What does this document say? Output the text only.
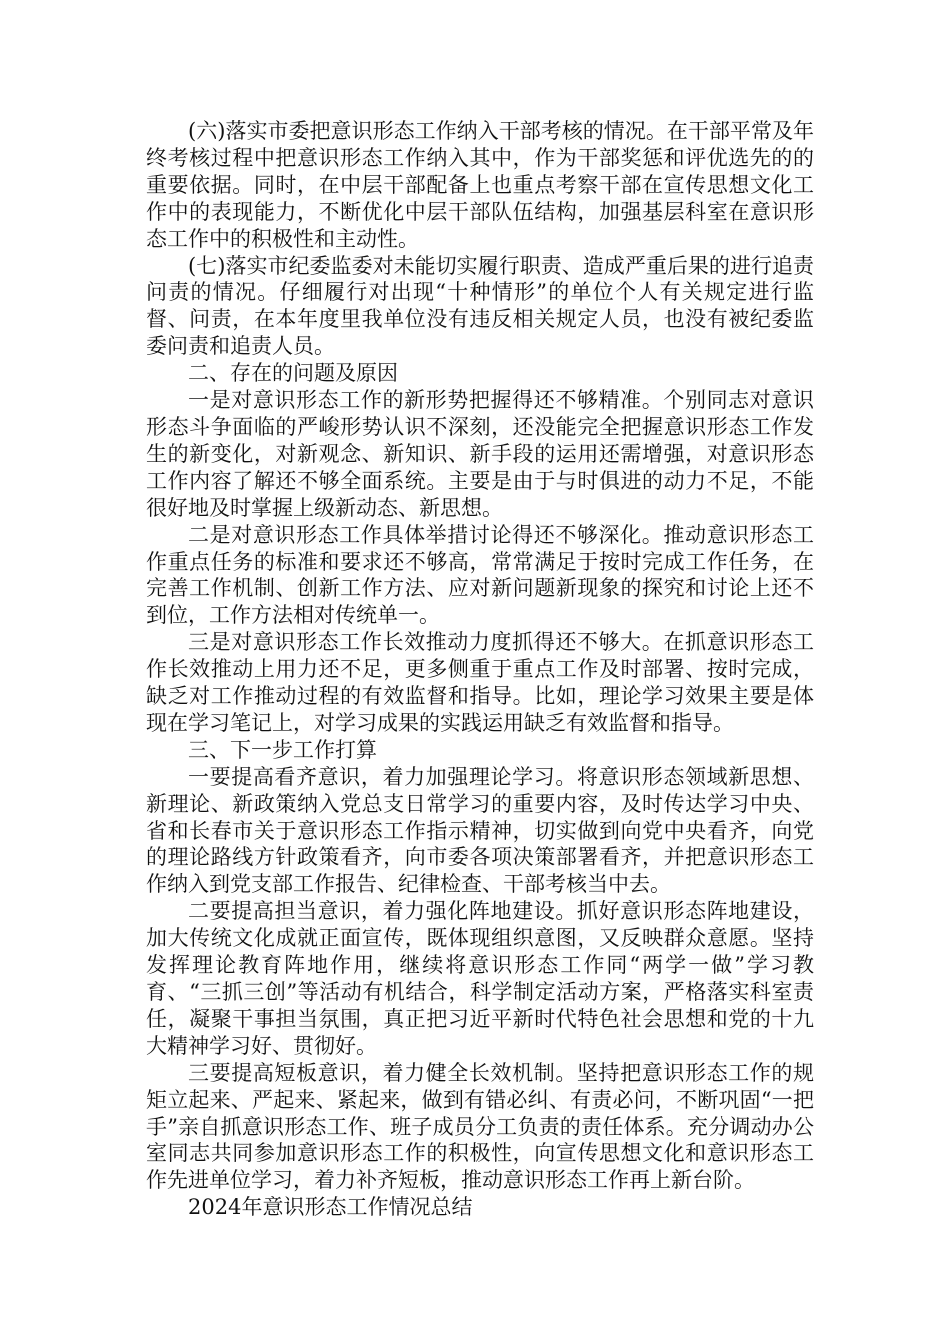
(六)落实市委把意识形态工作纳入干部考核的情况。在干部平常及年终考核过程中把意识形态工作纳入其中，作为干部奖惩和评优选先的的重要依据。同时，在中层干部配备上也重点考察干部在宣传思想文化工作中的表现能力，不断优化中层干部队伍结构，加强基层科室在意识形态工作中的积极性和主动性。

(七)落实市纪委监委对未能切实履行职责、造成严重后果的进行追责问责的情况。仔细履行对出现“十种情形”的单位个人有关规定进行监督、问责，在本年度里我单位没有违反相关规定人员，也没有被纪委监委问责和追责人员。

二、存在的问题及原因

一是对意识形态工作的新形势把握得还不够精准。个别同志对意识形态斗争面临的严峻形势认识不深刻，还没能完全把握意识形态工作发生的新变化，对新观念、新知识、新手段的运用还需增强，对意识形态工作内容了解还不够全面系统。主要是由于与时俱进的动力不足，不能很好地及时掌握上级新动态、新思想。

二是对意识形态工作具体举措讨论得还不够深化。推动意识形态工作重点任务的标准和要求还不够高，常常满足于按时完成工作任务，在完善工作机制、创新工作方法、应对新问题新现象的探究和讨论上还不到位，工作方法相对传统单一。

三是对意识形态工作长效推动力度抓得还不够大。在抓意识形态工作长效推动上用力还不足，更多侧重于重点工作及时部署、按时完成，缺乏对工作推动过程的有效监督和指导。比如，理论学习效果主要是体现在学习笔记上，对学习成果的实践运用缺乏有效监督和指导。

三、下一步工作打算

一要提高看齐意识，着力加强理论学习。将意识形态领域新思想、新理论、新政策纳入党总支日常学习的重要内容，及时传达学习中央、省和长春市关于意识形态工作指示精神，切实做到向党中央看齐，向党的理论路线方针政策看齐，向市委各项决策部署看齐，并把意识形态工作纳入到党支部工作报告、纪律检查、干部考核当中去。

二要提高担当意识，着力强化阵地建设。抓好意识形态阵地建设，加大传统文化成就正面宣传，既体现组织意图，又反映群众意愿。坚持发挥理论教育阵地作用，继续将意识形态工作同“两学一做”学习教育、“三抓三创”等活动有机结合，科学制定活动方案，严格落实科室责任，凝聚干事担当氛围，真正把习近平新时代特色社会思想和党的十九大精神学习好、贯彻好。

三要提高短板意识，着力健全长效机制。坚持把意识形态工作的规矩立起来、严起来、紧起来，做到有错必纠、有责必问，不断巩固“一把手”亲自抓意识形态工作、班子成员分工负责的责任体系。充分调动办公室同志共同参加意识形态工作的积极性，向宣传思想文化和意识形态工作先进单位学习，着力补齐短板，推动意识形态工作再上新台阶。

2024年意识形态工作情况总结
